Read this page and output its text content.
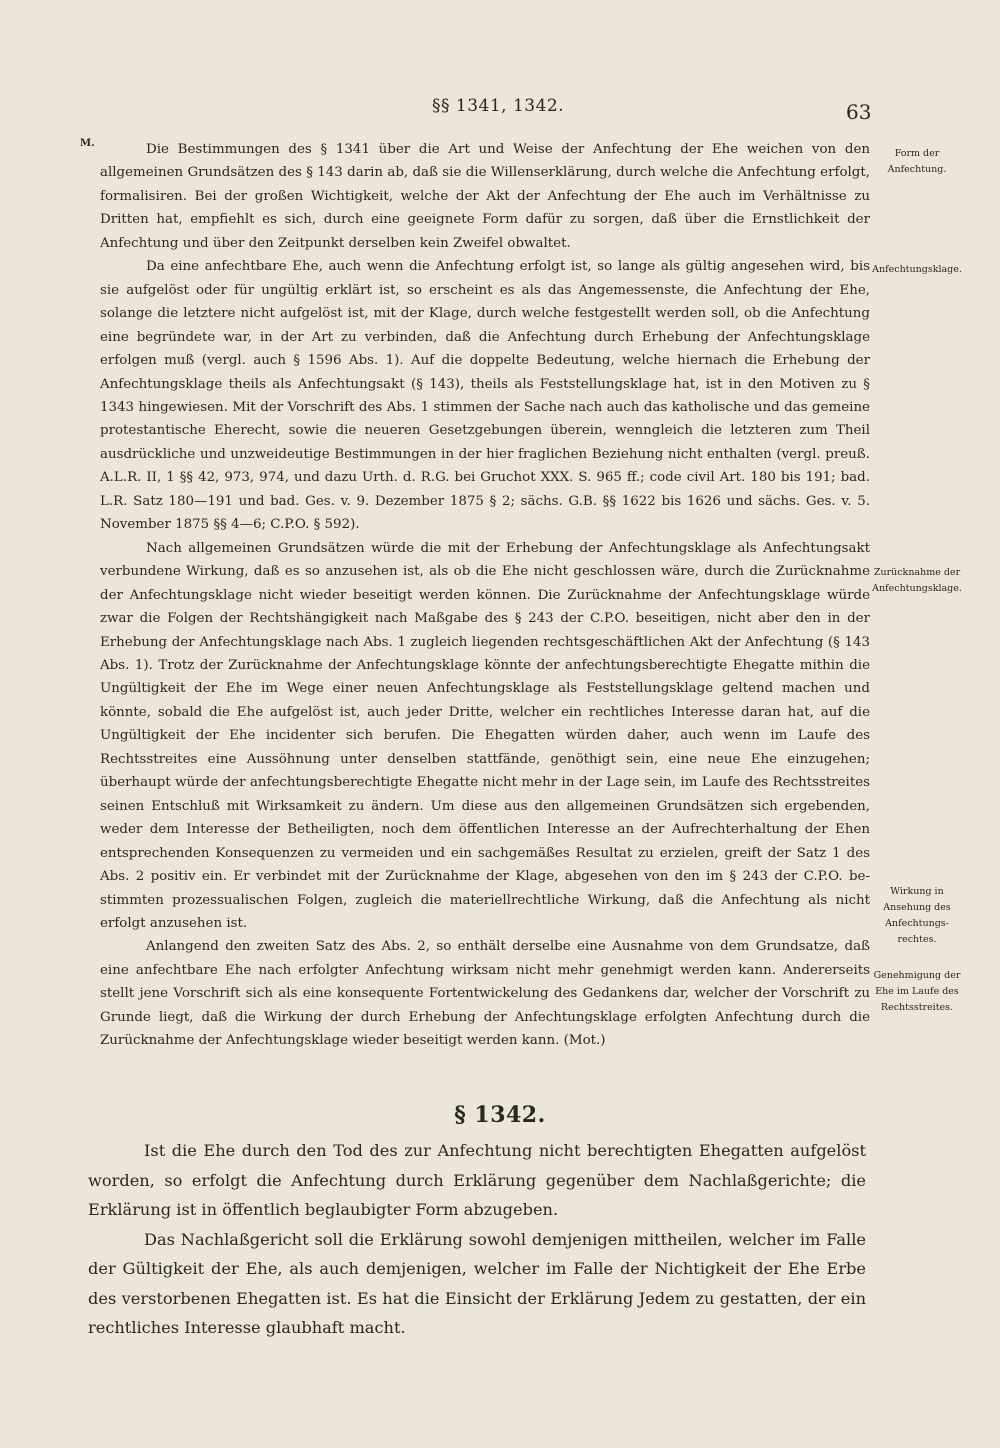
§§ 1341, 1342.	63
M.	Die Bestimmungen des § 1341 über die Art und Weise der Anfechtung der Ehe weichen von den allgemeinen Grundsätzen des § 143 darin ab, daß sie die Willenserklärung, durch welche die Anfechtung erfolgt, formalisiren. Bei der großen Wichtigkeit, welche der Akt der Anfechtung der Ehe auch im Verhältnisse zu Dritten hat, empfiehlt es sich, durch eine geeignete Form dafür zu sorgen, daß über die Ernstlichkeit der Anfechtung und über den Zeitpunkt derselben kein Zweifel obwaltet.

Da eine anfechtbare Ehe, auch wenn die Anfechtung erfolgt ist, so lange als gültig angesehen wird, bis sie aufgelöst oder für ungültig erklärt ist, so erscheint es als das Angemessenste, die Anfechtung der Ehe, solange die letztere nicht aufgelöst ist, mit der Klage, durch welche festgestellt werden soll, ob die Anfechtung eine begründete war, in der Art zu verbinden, daß die Anfechtung durch Erhebung der Anfechtungsklage erfolgen muß (vergl. auch § 1596 Abs. 1). Auf die doppelte Bedeutung, welche hiernach die Erhebung der Anfechtungsklage theils als Anfechtungsakt (§ 143), theils als Feststellungsklage hat, ist in den Motiven zu § 1343 hingewiesen. Mit der Vorschrift des Abs. 1 stimmen der Sache nach auch das katholische und das gemeine protestantische Eherecht, sowie die neueren Gesetzgebungen überein, wenngleich die letzteren zum Theil ausdrückliche und unzweideutige Bestimmungen in der hier fraglichen Beziehung nicht enthalten (vergl. preuß. A.L.R. II, 1 §§ 42, 973, 974, und dazu Urth. d. R.G. bei Gruchot XXX. S. 965 ff.; code civil Art. 180 bis 191; bad. L.R. Satz 180—191 und bad. Ges. v. 9. Dezember 1875 § 2; sächs. G.B. §§ 1622 bis 1626 und sächs. Ges. v. 5. November 1875 §§ 4—6; C.P.O. § 592).

Nach allgemeinen Grundsätzen würde die mit der Erhebung der Anfechtungsklage als Anfechtungsakt verbundene Wirkung, daß es so anzusehen ist, als ob die Ehe nicht geschlossen wäre, durch die Zurücknahme der Anfechtungsklage nicht wieder beseitigt werden können. Die Zurücknahme der Anfechtungsklage würde zwar die Folgen der Rechtshängigkeit nach Maßgabe des § 243 der C.P.O. beseitigen, nicht aber den in der Erhebung der Anfechtungsklage nach Abs. 1 zugleich liegenden rechtsgeschäftlichen Akt der Anfechtung (§ 143 Abs. 1). Trotz der Zurücknahme der Anfechtungsklage könnte der anfechtungsberechtigte Ehegatte mithin die Ungültigkeit der Ehe im Wege einer neuen Anfechtungsklage als Feststellungsklage geltend machen und könnte, sobald die Ehe aufgelöst ist, auch jeder Dritte, welcher ein rechtliches Interesse daran hat, auf die Ungültigkeit der Ehe incidenter sich berufen. Die Ehegatten würden daher, auch wenn im Laufe des Rechtsstreites eine Aussöhnung unter denselben stattfände, genöthigt sein, eine neue Ehe einzugehen; überhaupt würde der anfechtungsberechtigte Ehegatte nicht mehr in der Lage sein, im Laufe des Rechtsstreites seinen Entschluß mit Wirksamkeit zu ändern. Um diese aus den allgemeinen Grundsätzen sich ergebenden, weder dem Interesse der Betheiligten, noch dem öffentlichen Interesse an der Aufrechterhaltung der Ehen entsprechenden Konsequenzen zu vermeiden und ein sachgemäßes Resultat zu erzielen, greift der Satz 1 des Abs. 2 positiv ein. Er verbindet mit der Zurücknahme der Klage, abgesehen von den im § 243 der C.P.O. bestimmten prozessualischen Folgen, zugleich die materiellrechtliche Wirkung, daß die Anfechtung als nicht erfolgt anzusehen ist.

Anlangend den zweiten Satz des Abs. 2, so enthält derselbe eine Ausnahme von dem Grundsatze, daß eine anfechtbare Ehe nach erfolgter Anfechtung wirksam nicht mehr genehmigt werden kann. Andererseits stellt jene Vorschrift sich als eine konsequente Fortentwickelung des Gedankens dar, welcher der Vorschrift zu Grunde liegt, daß die Wirkung der durch Erhebung der Anfechtungsklage erfolgten Anfechtung durch die Zurücknahme der Anfechtungsklage wieder beseitigt werden kann. (Mot.)

Form der Anfechtung.
Anfechtungsklage.
Zurücknahme der Anfechtungsklage.
Wirkung in Ansehung des Anfechtungsrechtes.
Genehmigung der Ehe im Laufe des Rechtsstreites.
§ 1342.

Ist die Ehe durch den Tod des zur Anfechtung nicht berechtigten Ehegatten aufgelöst worden, so erfolgt die Anfechtung durch Erklärung gegenüber dem Nachlaßgerichte; die Erklärung ist in öffentlich beglaubigter Form abzugeben.

Das Nachlaßgericht soll die Erklärung sowohl demjenigen mittheilen, welcher im Falle der Gültigkeit der Ehe, als auch demjenigen, welcher im Falle der Nichtigkeit der Ehe Erbe des verstorbenen Ehegatten ist. Es hat die Einsicht der Erklärung Jedem zu gestatten, der ein rechtliches Interesse glaubhaft macht.
